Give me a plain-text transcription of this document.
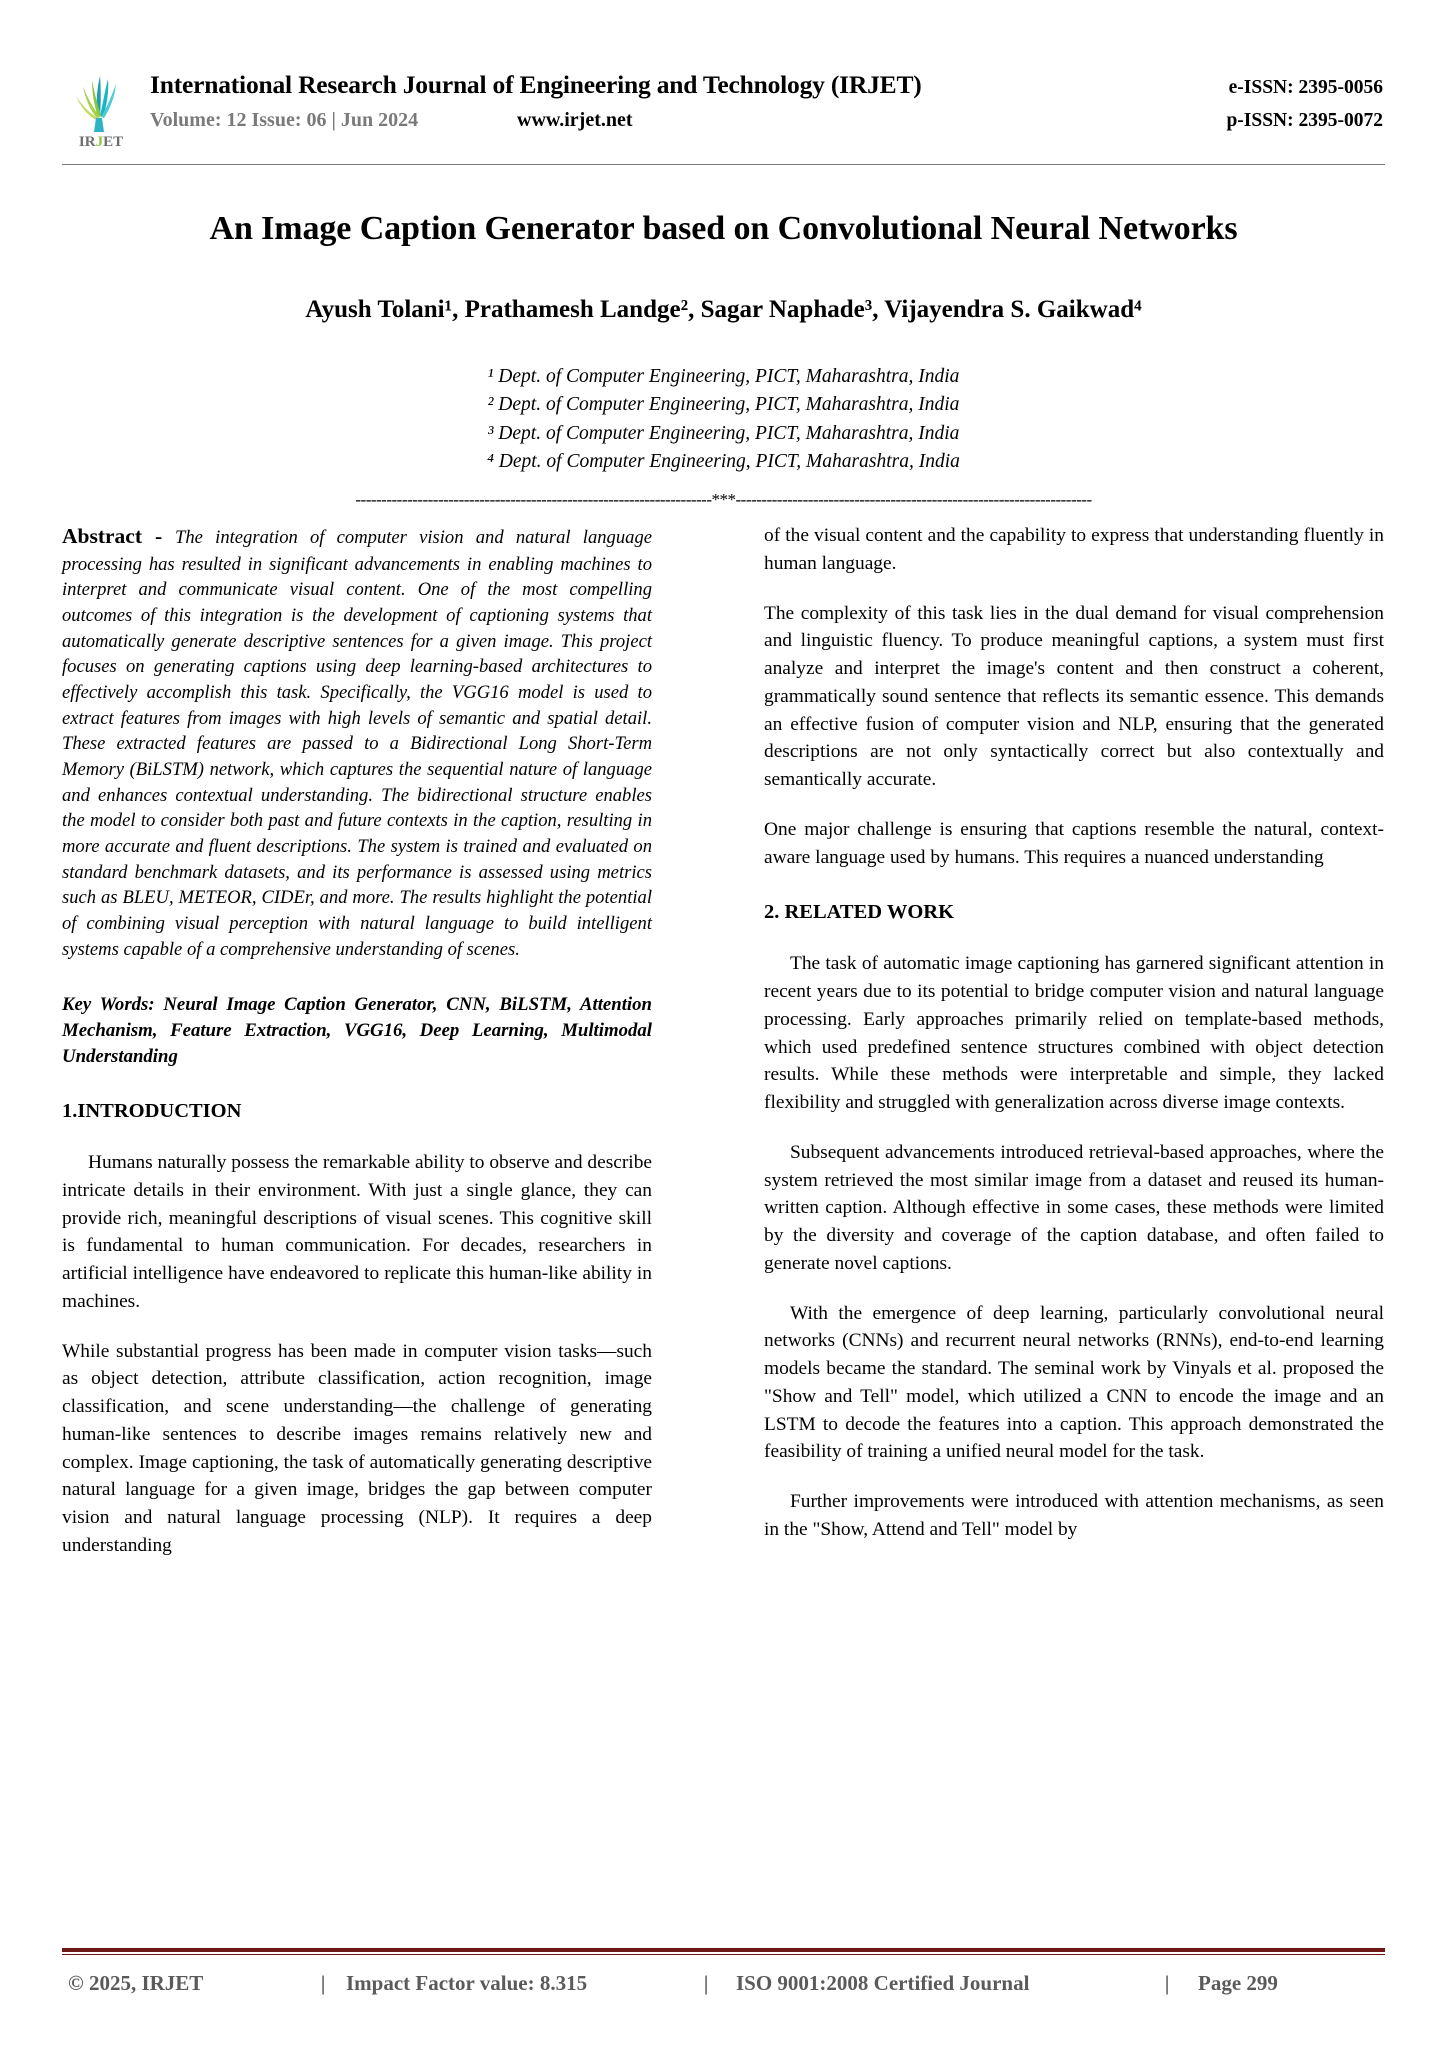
IRJET
International Research Journal of Engineering and Technology (IRJET)	e-ISSN: 2395-0056
Volume: 12 Issue: 06 | Jun 2024	www.irjet.net	p-ISSN: 2395-0072
An Image Caption Generator based on Convolutional Neural Networks
Ayush Tolani¹, Prathamesh Landge², Sagar Naphade³, Vijayendra S. Gaikwad⁴
¹ Dept. of Computer Engineering, PICT, Maharashtra, India
² Dept. of Computer Engineering, PICT, Maharashtra, India
³ Dept. of Computer Engineering, PICT, Maharashtra, India
⁴ Dept. of Computer Engineering, PICT, Maharashtra, India
---------------------------------------------------------------------***---------------------------------------------------------------------

Abstract - The integration of computer vision and natural language processing has resulted in significant advancements in enabling machines to interpret and communicate visual content. One of the most compelling outcomes of this integration is the development of captioning systems that automatically generate descriptive sentences for a given image. This project focuses on generating captions using deep learning-based architectures to effectively accomplish this task. Specifically, the VGG16 model is used to extract features from images with high levels of semantic and spatial detail. These extracted features are passed to a Bidirectional Long Short-Term Memory (BiLSTM) network, which captures the sequential nature of language and enhances contextual understanding. The bidirectional structure enables the model to consider both past and future contexts in the caption, resulting in more accurate and fluent descriptions. The system is trained and evaluated on standard benchmark datasets, and its performance is assessed using metrics such as BLEU, METEOR, CIDEr, and more. The results highlight the potential of combining visual perception with natural language to build intelligent systems capable of a comprehensive understanding of scenes.

Key Words: Neural Image Caption Generator, CNN, BiLSTM, Attention Mechanism, Feature Extraction, VGG16, Deep Learning, Multimodal Understanding

1.INTRODUCTION

Humans naturally possess the remarkable ability to observe and describe intricate details in their environment. With just a single glance, they can provide rich, meaningful descriptions of visual scenes. This cognitive skill is fundamental to human communication. For decades, researchers in artificial intelligence have endeavored to replicate this human-like ability in machines.

While substantial progress has been made in computer vision tasks—such as object detection, attribute classification, action recognition, image classification, and scene understanding—the challenge of generating human-like sentences to describe images remains relatively new and complex. Image captioning, the task of automatically generating descriptive natural language for a given image, bridges the gap between computer vision and natural language processing (NLP). It requires a deep understanding

of the visual content and the capability to express that understanding fluently in human language.

The complexity of this task lies in the dual demand for visual comprehension and linguistic fluency. To produce meaningful captions, a system must first analyze and interpret the image's content and then construct a coherent, grammatically sound sentence that reflects its semantic essence. This demands an effective fusion of computer vision and NLP, ensuring that the generated descriptions are not only syntactically correct but also contextually and semantically accurate.

One major challenge is ensuring that captions resemble the natural, context-aware language used by humans. This requires a nuanced understanding

2. RELATED WORK

The task of automatic image captioning has garnered significant attention in recent years due to its potential to bridge computer vision and natural language processing. Early approaches primarily relied on template-based methods, which used predefined sentence structures combined with object detection results. While these methods were interpretable and simple, they lacked flexibility and struggled with generalization across diverse image contexts.

Subsequent advancements introduced retrieval-based approaches, where the system retrieved the most similar image from a dataset and reused its human-written caption. Although effective in some cases, these methods were limited by the diversity and coverage of the caption database, and often failed to generate novel captions.

With the emergence of deep learning, particularly convolutional neural networks (CNNs) and recurrent neural networks (RNNs), end-to-end learning models became the standard. The seminal work by Vinyals et al. proposed the "Show and Tell" model, which utilized a CNN to encode the image and an LSTM to decode the features into a caption. This approach demonstrated the feasibility of training a unified neural model for the task.

Further improvements were introduced with attention mechanisms, as seen in the "Show, Attend and Tell" model by

© 2025, IRJET	| Impact Factor value: 8.315	|	ISO 9001:2008 Certified Journal	|	Page 299
